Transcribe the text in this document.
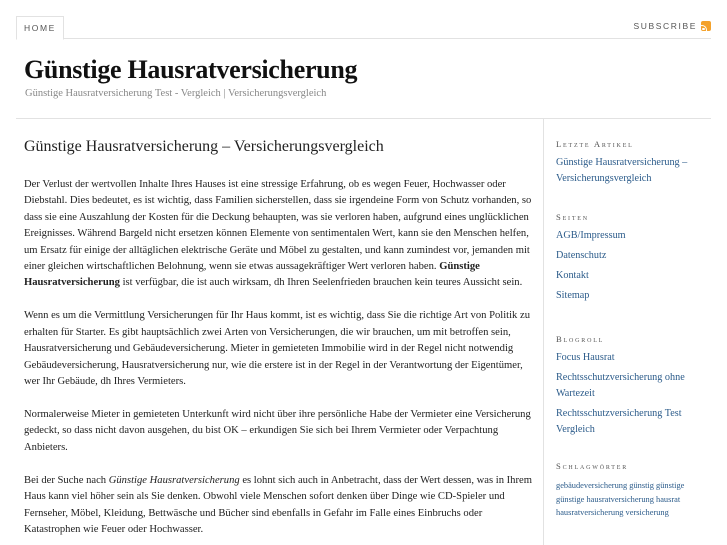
HOME	SUBSCRIBE
Günstige Hausratversicherung
Günstige Hausratversicherung Test - Vergleich | Versicherungsvergleich
Günstige Hausratversicherung – Versicherungsvergleich

Der Verlust der wertvollen Inhalte Ihres Hauses ist eine stressige Erfahrung, ob es wegen Feuer, Hochwasser oder Diebstahl. Dies bedeutet, es ist wichtig, dass Familien sicherstellen, dass sie irgendeine Form von Schutz vorhanden, so dass sie eine Auszahlung der Kosten für die Deckung behaupten, was sie verloren haben, aufgrund eines unglücklichen Ereignisses. Während Bargeld nicht ersetzen können Elemente von sentimentalen Wert, kann sie den Menschen helfen, um Ersatz für einige der alltäglichen elektrische Geräte und Möbel zu gestalten, und kann zumindest vor, jemanden mit einer gleichen wirtschaftlichen Belohnung, wenn sie etwas aussagekräftiger Wert verloren haben. Günstige Hausratversicherung ist verfügbar, die ist auch wirksam, dh Ihren Seelenfrieden brauchen kein teures Aussicht sein.

Wenn es um die Vermittlung Versicherungen für Ihr Haus kommt, ist es wichtig, dass Sie die richtige Art von Politik zu erhalten für Starter. Es gibt hauptsächlich zwei Arten von Versicherungen, die wir brauchen, um mit betroffen sein, Hausratversicherung und Gebäudeversicherung. Mieter in gemieteten Immobilie wird in der Regel nicht notwendig Gebäudeversicherung, Hausratversicherung nur, wie die erstere ist in der Regel in der Verantwortung der Eigentümer, wer Ihr Gebäude, dh Ihres Vermieters.

Normalerweise Mieter in gemieteten Unterkunft wird nicht über ihre persönliche Habe der Vermieter eine Versicherung gedeckt, so dass nicht davon ausgehen, du bist OK – erkundigen Sie sich bei Ihrem Vermieter oder Verpachtung Anbieters.

Bei der Suche nach Günstige Hausratversicherung es lohnt sich auch in Anbetracht, dass der Wert dessen, was in Ihrem Haus kann viel höher sein als Sie denken. Obwohl viele Menschen sofort denken über Dinge wie CD-Spieler und Fernseher, Möbel, Kleidung, Bettwäsche und Bücher sind ebenfalls in Gefahr im Falle eines Einbruchs oder Katastrophen wie Feuer oder Hochwasser.

Letzte Artikel
Günstige Hausratversicherung – Versicherungsvergleich
Seiten
AGB/Impressum
Datenschutz
Kontakt
Sitemap
Blogroll
Focus Hausrat
Rechtsschutzversicherung ohne Wartezeit
Rechtsschutzversicherung Test Vergleich
Schlagwörter
gebäudeversicherung günstig günstige günstige hausratversicherung hausrat hausratversicherung versicherung
